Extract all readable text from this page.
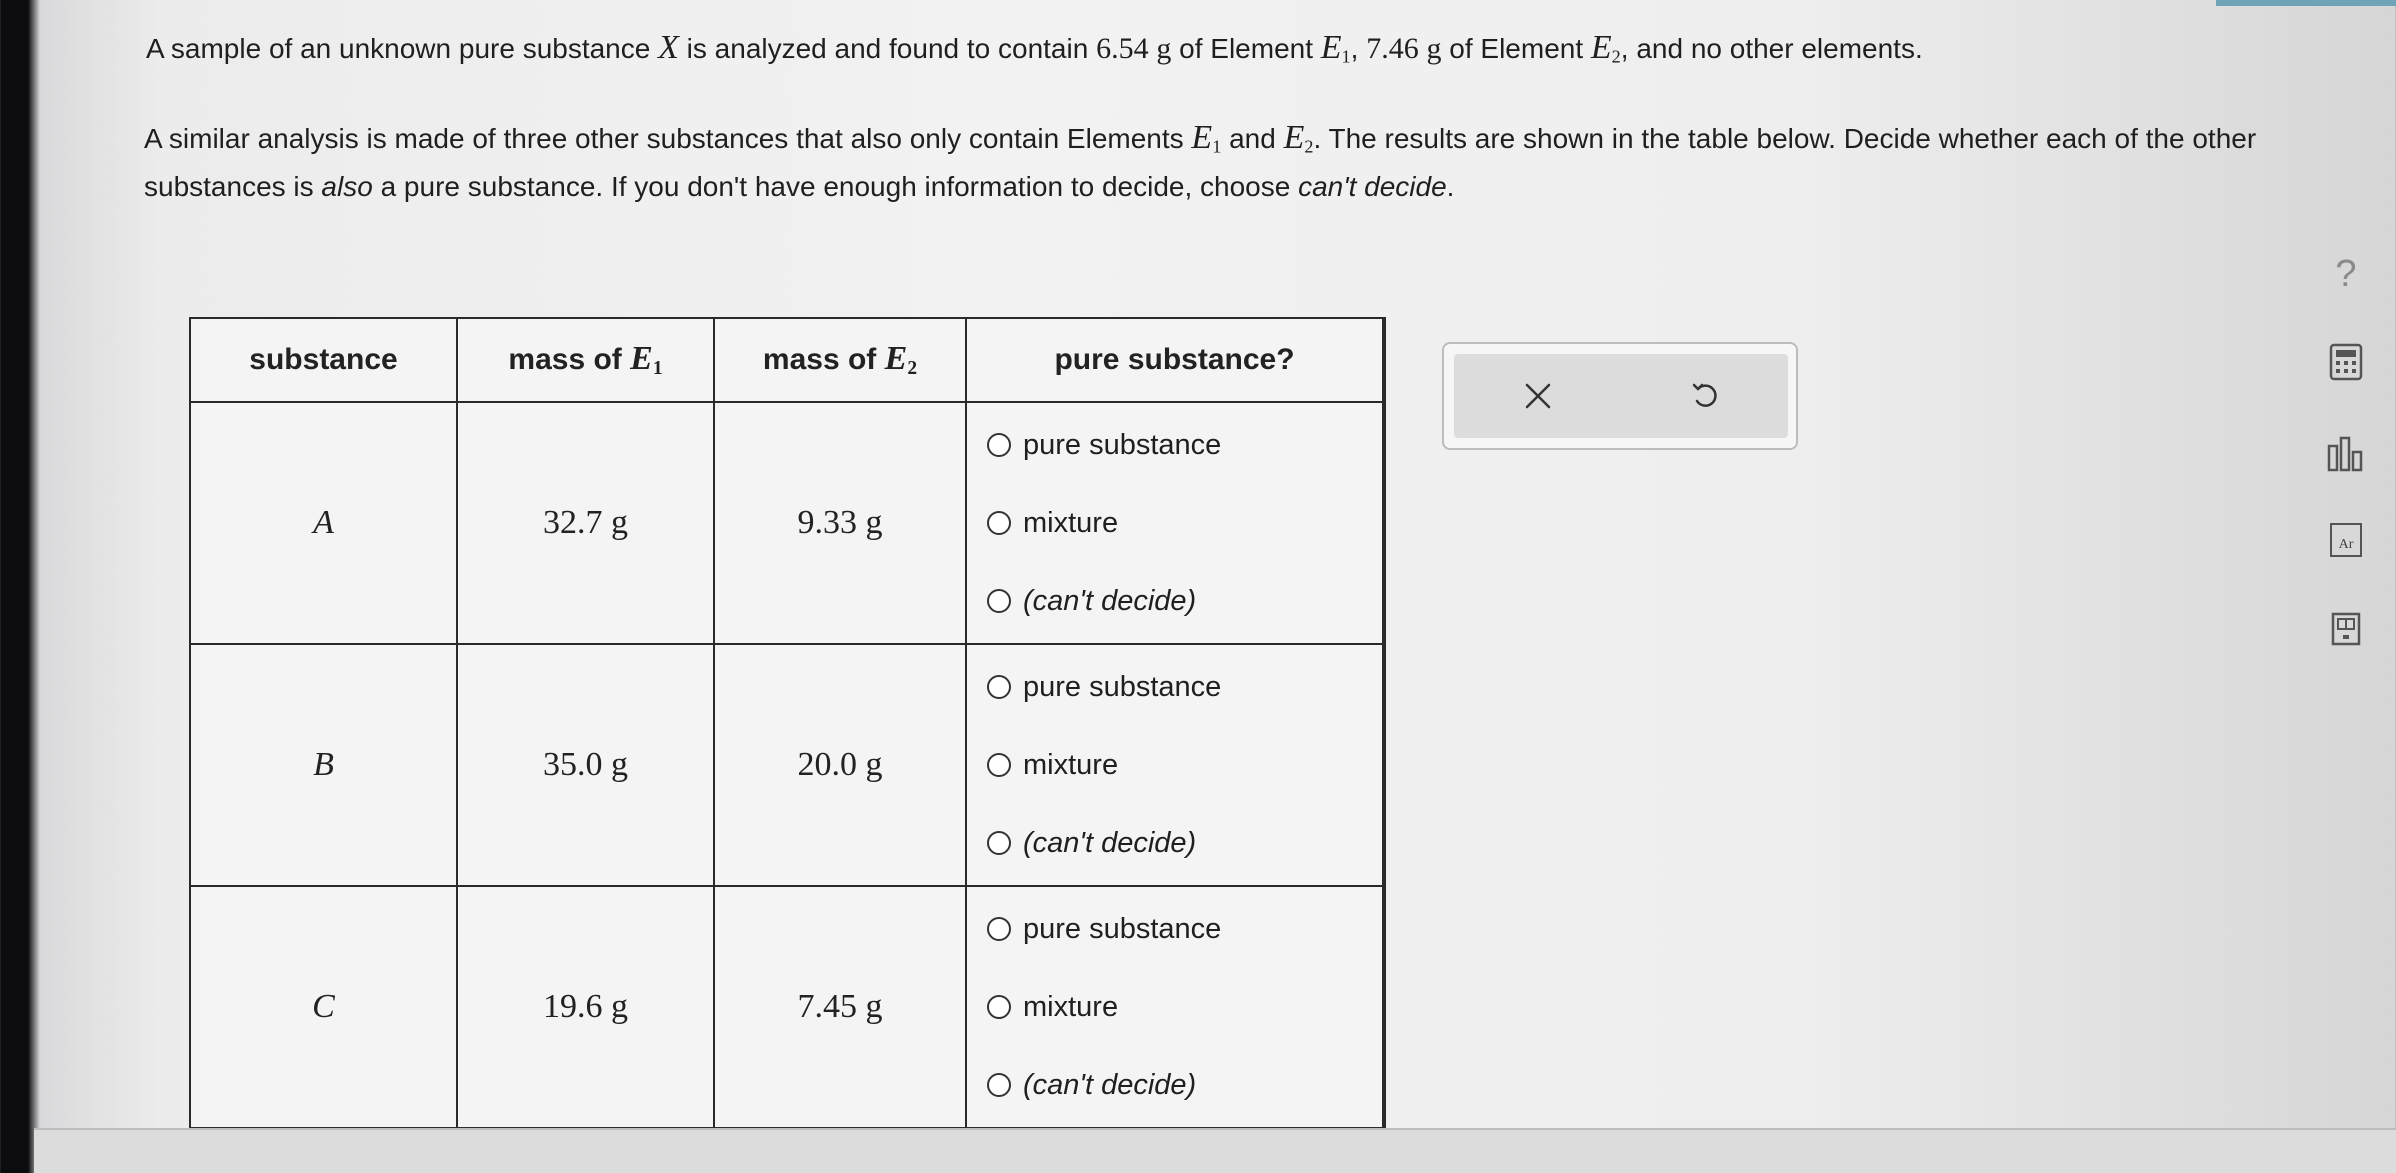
A sample of an unknown pure substance X is analyzed and found to contain 6.54 g of Element $E_1$, 7.46 g of Element $E_2$, and no other elements.
A similar analysis is made of three other substances that also only contain Elements $E_1$ and $E_2$. The results are shown in the table below. Decide whether each of the other substances is also a pure substance. If you don't have enough information to decide, choose can't decide.
substance	mass of $E_1$	mass of $E_2$	pure substance?
A	32.7 g	9.33 g	pure substance
mixture
(can't decide)

B	35.0 g	20.0 g	pure substance
mixture
(can't decide)

C	19.6 g	7.45 g	pure substance
mixture
(can't decide)
?
Ar
